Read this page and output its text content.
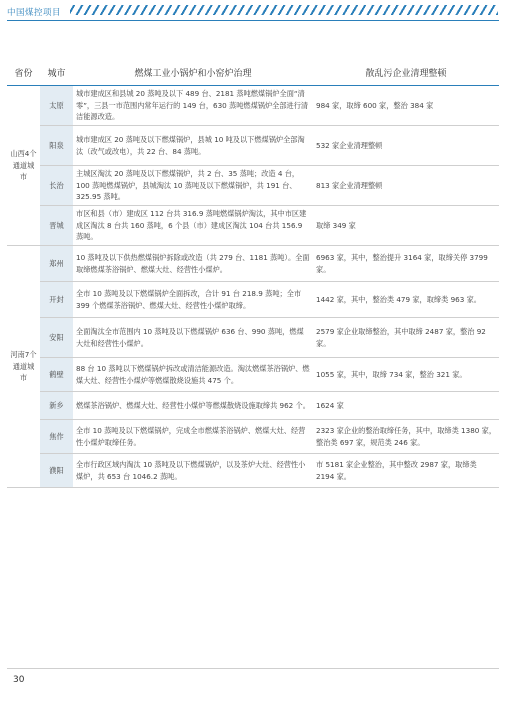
中国煤控项目
省份	城市	燃煤工业小锅炉和小窑炉治理	散乱污企业清理整顿
山西4个通道城市	太原	城市建成区和县城 20 蒸吨及以下 489 台、2181 蒸吨燃煤锅炉全面“清零”，三县一市范围内常年运行的 149 台，630 蒸吨燃煤锅炉全部进行清洁能源改造。	984 家，取缔 600 家，整治 384 家
	阳泉	城市建成区 20 蒸吨及以下燃煤锅炉，县城 10 吨及以下燃煤锅炉全部淘汰（改气或改电），共 22 台、84 蒸吨。	532 家企业清理整顿
	长治	主城区淘汰 20 蒸吨及以下燃煤锅炉，共 2 台、35 蒸吨；改造 4 台，100 蒸吨燃煤锅炉，县城淘汰 10 蒸吨及以下燃煤锅炉，共 191 台、325.95 蒸吨。	813 家企业清理整顿
	晋城	市区和县（市）建成区 112 台共 316.9 蒸吨燃煤锅炉淘汰，其中市区建成区淘汰 8 台共 160 蒸吨，6 个县（市）建成区淘汰 104 台共 156.9 蒸吨。	取缔 349 家
河南7个通道城市	郑州	10 蒸吨及以下供热燃煤锅炉拆除或改造（共 279 台、1181 蒸吨）。全面取缔燃煤茶浴锅炉、燃煤大灶、经营性小煤炉。	6963 家，其中，整治提升 3164 家，取缔关停 3799 家。
	开封	全市 10 蒸吨及以下燃煤锅炉全面拆改，合计 91 台 218.9 蒸吨；全市 399 个燃煤茶浴锅炉、燃煤大灶、经营性小煤炉取缔。	1442 家，其中，整治类 479 家，取缔类 963 家。
	安阳	全面淘汰全市范围内 10 蒸吨及以下燃煤锅炉 636 台、990 蒸吨，燃煤大灶和经营性小煤炉。	2579 家企业取缔整治，其中取缔 2487 家，整治 92 家。
	鹤壁	88 台 10 蒸吨以下燃煤锅炉拆改或清洁能源改造。淘汰燃煤茶浴锅炉、燃煤大灶、经营性小煤炉等燃煤散烧设施共 475 个。	1055 家，其中，取缔 734 家，整治 321 家。
	新乡	燃煤茶浴锅炉、燃煤大灶、经营性小煤炉等燃煤散烧设施取缔共 962 个。	1624 家
	焦作	全市 10 蒸吨及以下燃煤锅炉，完成全市燃煤茶浴锅炉、燃煤大灶、经营性小煤炉取缔任务。	2323 家企业的整治取缔任务，其中，取缔类 1380 家，整治类 697 家，规范类 246 家。
	濮阳	全市行政区域内淘汰 10 蒸吨及以下燃煤锅炉，以及茶炉大灶、经营性小煤炉，共 653 台 1046.2 蒸吨。	市 5181 家企业整治，其中整改 2987 家，取缔类 2194 家。
30
